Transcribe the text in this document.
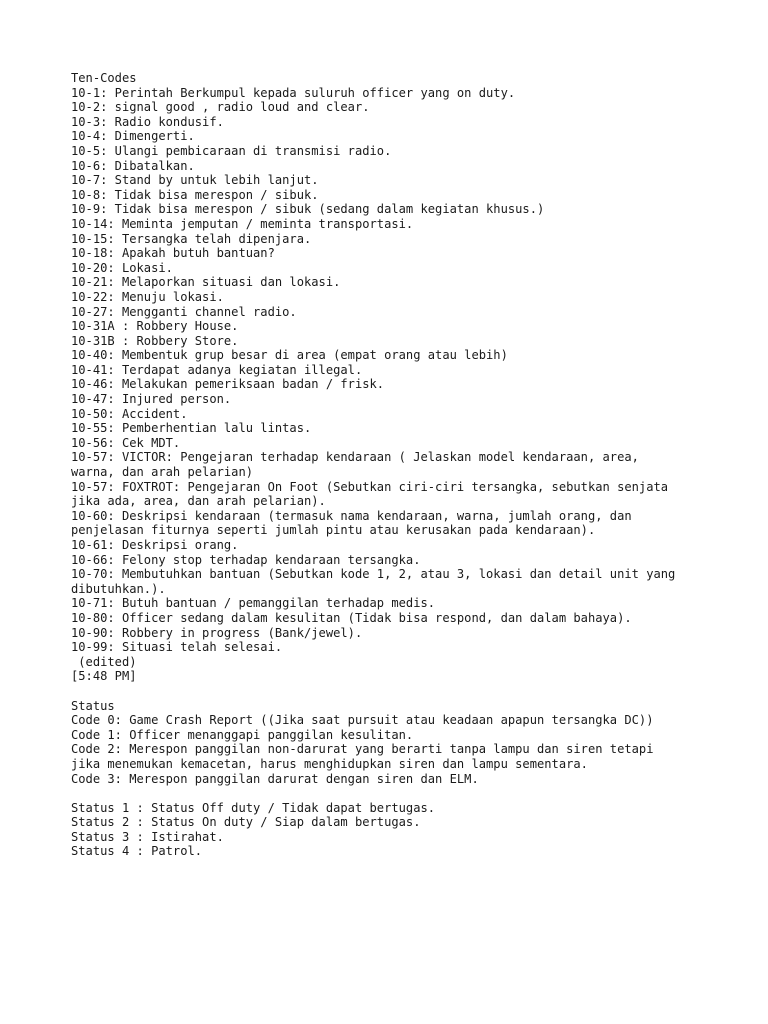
Ten-Codes
10-1: Perintah Berkumpul kepada suluruh officer yang on duty.
10-2: signal good , radio loud and clear.
10-3: Radio kondusif.
10-4: Dimengerti.
10-5: Ulangi pembicaraan di transmisi radio.
10-6: Dibatalkan.
10-7: Stand by untuk lebih lanjut.
10-8: Tidak bisa merespon / sibuk.
10-9: Tidak bisa merespon / sibuk (sedang dalam kegiatan khusus.)
10-14: Meminta jemputan / meminta transportasi.
10-15: Tersangka telah dipenjara.
10-18: Apakah butuh bantuan?
10-20: Lokasi.
10-21: Melaporkan situasi dan lokasi.
10-22: Menuju lokasi.
10-27: Mengganti channel radio.
10-31A : Robbery House.
10-31B : Robbery Store.
10-40: Membentuk grup besar di area (empat orang atau lebih)
10-41: Terdapat adanya kegiatan illegal.
10-46: Melakukan pemeriksaan badan / frisk.
10-47: Injured person.
10-50: Accident.
10-55: Pemberhentian lalu lintas.
10-56: Cek MDT.
10-57: VICTOR: Pengejaran terhadap kendaraan ( Jelaskan model kendaraan, area,
warna, dan arah pelarian)
10-57: FOXTROT: Pengejaran On Foot (Sebutkan ciri-ciri tersangka, sebutkan senjata
jika ada, area, dan arah pelarian).
10-60: Deskripsi kendaraan (termasuk nama kendaraan, warna, jumlah orang, dan
penjelasan fiturnya seperti jumlah pintu atau kerusakan pada kendaraan).
10-61: Deskripsi orang.
10-66: Felony stop terhadap kendaraan tersangka.
10-70: Membutuhkan bantuan (Sebutkan kode 1, 2, atau 3, lokasi dan detail unit yang
dibutuhkan.).
10-71: Butuh bantuan / pemanggilan terhadap medis.
10-80: Officer sedang dalam kesulitan (Tidak bisa respond, dan dalam bahaya).
10-90: Robbery in progress (Bank/jewel).
10-99: Situasi telah selesai.
(edited)
[5:48 PM]
Status
Code 0: Game Crash Report ((Jika saat pursuit atau keadaan apapun tersangka DC))
Code 1: Officer menanggapi panggilan kesulitan.
Code 2: Merespon panggilan non-darurat yang berarti tanpa lampu dan siren tetapi
jika menemukan kemacetan, harus menghidupkan siren dan lampu sementara.
Code 3: Merespon panggilan darurat dengan siren dan ELM.
Status 1 : Status Off duty / Tidak dapat bertugas.
Status 2 : Status On duty / Siap dalam bertugas.
Status 3 : Istirahat.
Status 4 : Patrol.
